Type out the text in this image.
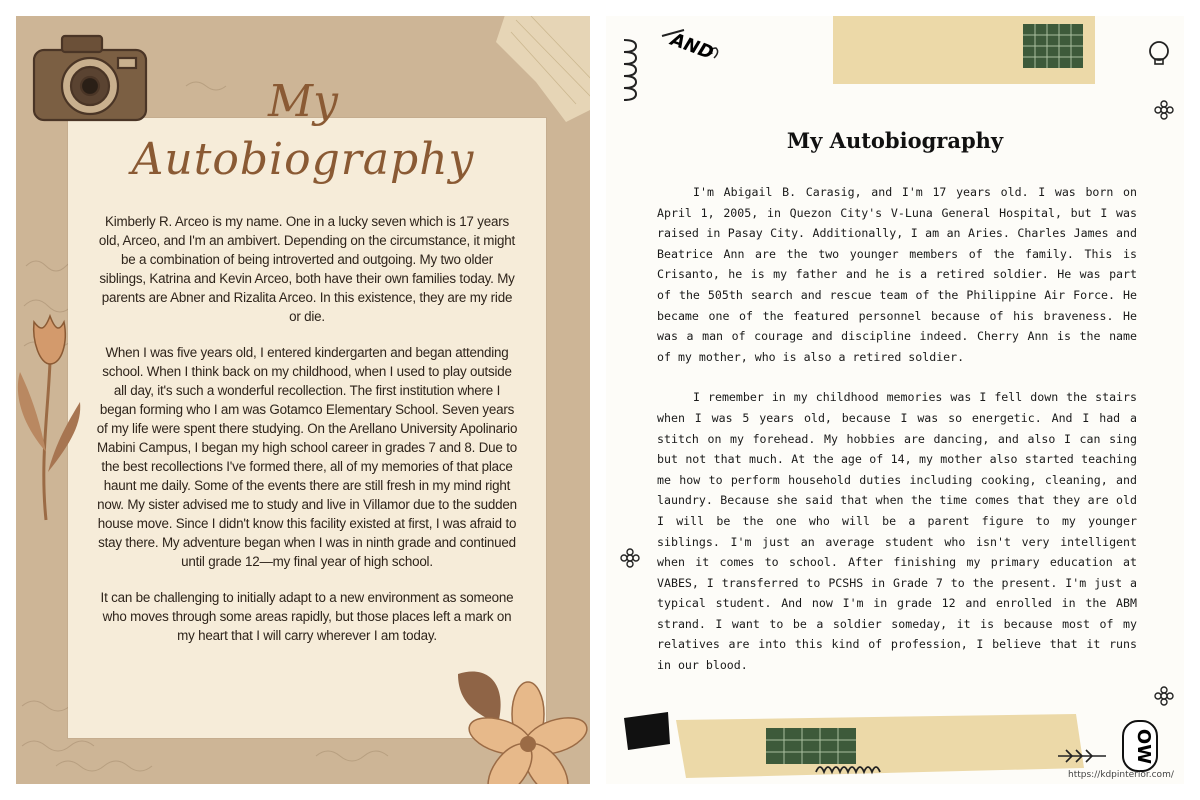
My
Autobiography

Kimberly R. Arceo is my name. One in a lucky seven which is 17 years old, Arceo, and I'm an ambivert. Depending on the circumstance, it might be a combination of being introverted and outgoing. My two older siblings, Katrina and Kevin Arceo, both have their own families today. My parents are Abner and Rizalita Arceo. In this existence, they are my ride or die.

When I was five years old, I entered kindergarten and began attending school. When I think back on my childhood, when I used to play outside all day, it's such a wonderful recollection. The first institution where I began forming who I am was Gotamco Elementary School. Seven years of my life were spent there studying. On the Arellano University Apolinario Mabini Campus, I began my high school career in grades 7 and 8. Due to the best recollections I've formed there, all of my memories of that place haunt me daily. Some of the events there are still fresh in my mind right now. My sister advised me to study and live in Villamor due to the sudden house move. Since I didn't know this facility existed at first, I was afraid to stay there. My adventure began when I was in ninth grade and continued until grade 12—my final year of high school.

It can be challenging to initially adapt to a new environment as someone who moves through some areas rapidly, but those places left a mark on my heart that I will carry wherever I am today.

AND
My Autobiography

I'm Abigail B. Carasig, and I'm 17 years old. I was born on April 1, 2005, in Quezon City's V-Luna General Hospital, but I was raised in Pasay City. Additionally, I am an Aries. Charles James and Beatrice Ann are the two younger members of the family. This is Crisanto, he is my father and he is a retired soldier. He was part of the 505th search and rescue team of the Philippine Air Force. He became one of the featured personnel because of his braveness. He was a man of courage and discipline indeed. Cherry Ann is the name of my mother, who is also a retired soldier.

I remember in my childhood memories was I fell down the stairs when I was 5 years old, because I was so energetic. And I had a stitch on my forehead. My hobbies are dancing, and also I can sing but not that much. At the age of 14, my mother also started teaching me how to perform household duties including cooking, cleaning, and laundry. Because she said that when the time comes that they are old I will be the one who will be a parent figure to my younger siblings. I'm just an average student who isn't very intelligent when it comes to school. After finishing my primary education at VABES, I transferred to PCSHS in Grade 7 to the present. I'm just a typical student. And now I'm in grade 12 and enrolled in the ABM strand. I want to be a soldier someday, it is because most of my relatives are into this kind of profession, I believe that it runs in our blood.

OW
https://kdpinterior.com/
